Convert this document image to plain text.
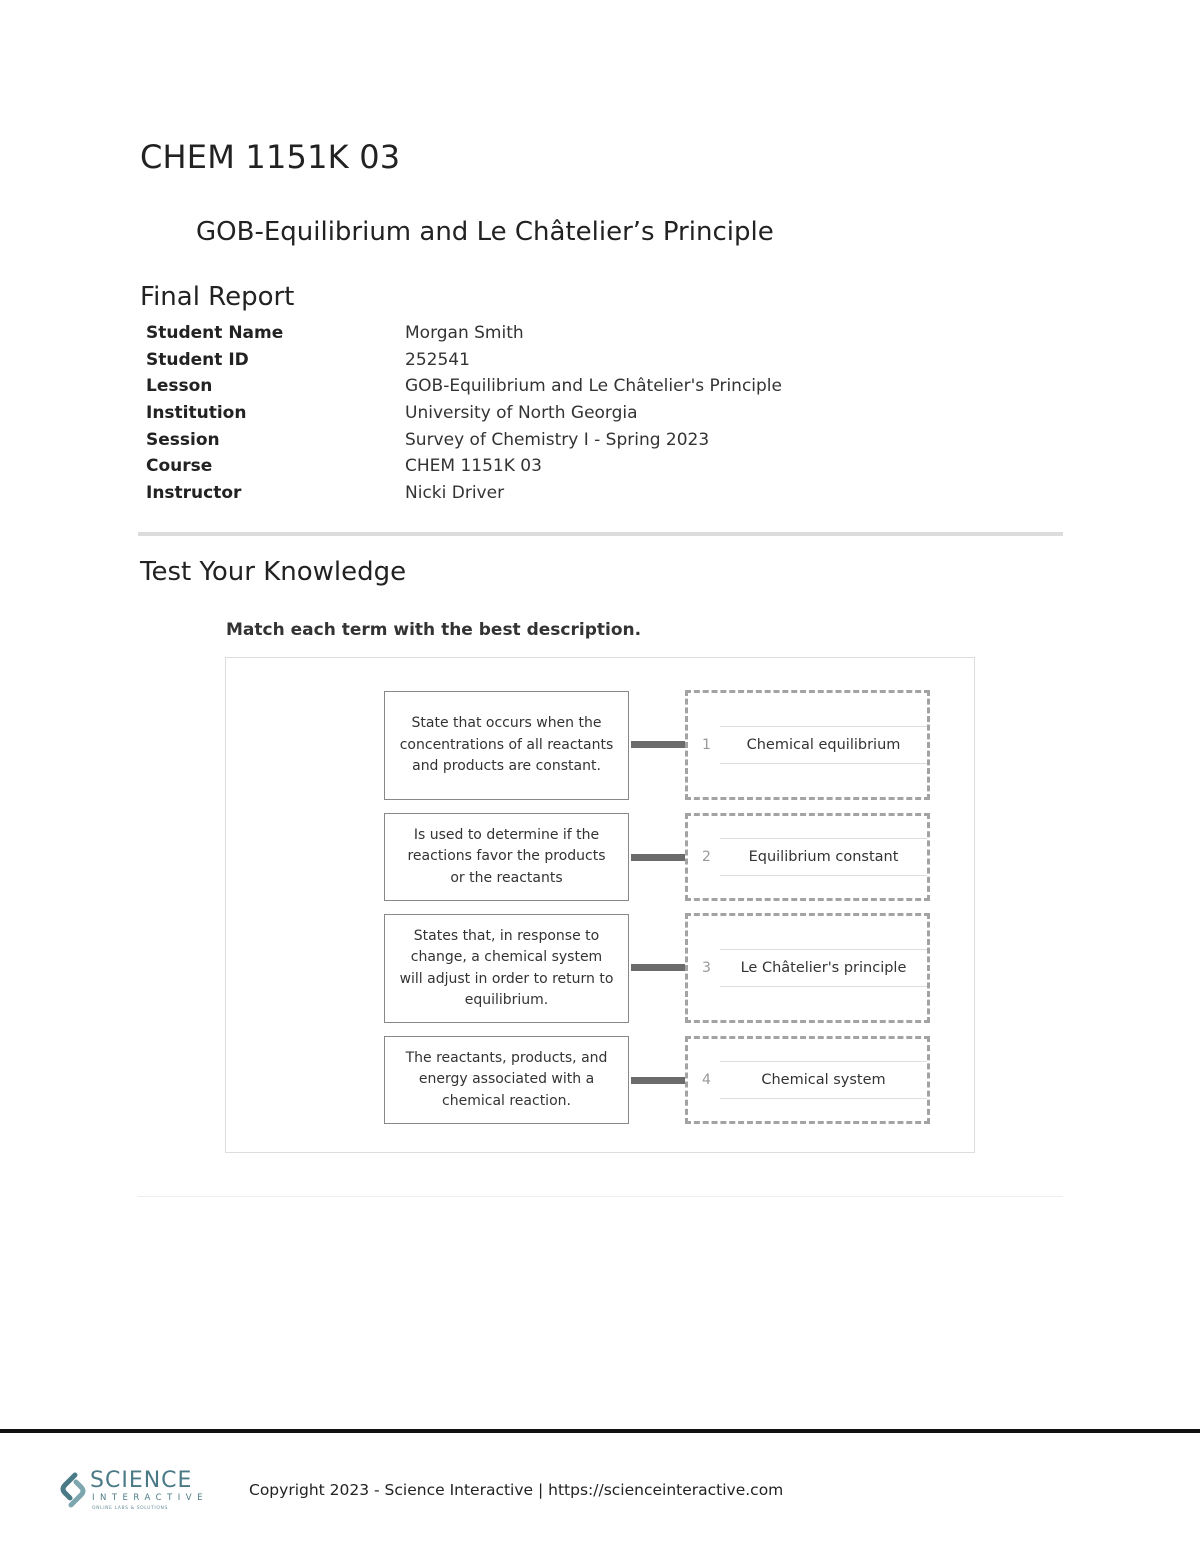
CHEM 1151K 03
GOB-Equilibrium and Le Châtelier’s Principle
Final Report
Student Name	Morgan Smith
Student ID	252541
Lesson	GOB-Equilibrium and Le Châtelier's Principle
Institution	University of North Georgia
Session	Survey of Chemistry I - Spring 2023
Course	CHEM 1151K 03
Instructor	Nicki Driver
Test Your Knowledge

Match each term with the best description.

State that occurs when the concentrations of all reactants and products are constant.
1 Chemical equilibrium
Is used to determine if the reactions favor the products or the reactants
2	Equilibrium constant
States that, in response to change, a chemical system will adjust in order to return to equilibrium.
3 Le Châtelier's principle
The reactants, products, and energy associated with a chemical reaction.
4	Chemical system
SCIENCE
INTERACTIVE
ONLINE LABS & SOLUTIONS

Copyright 2023 - Science Interactive | https://scienceinteractive.com
